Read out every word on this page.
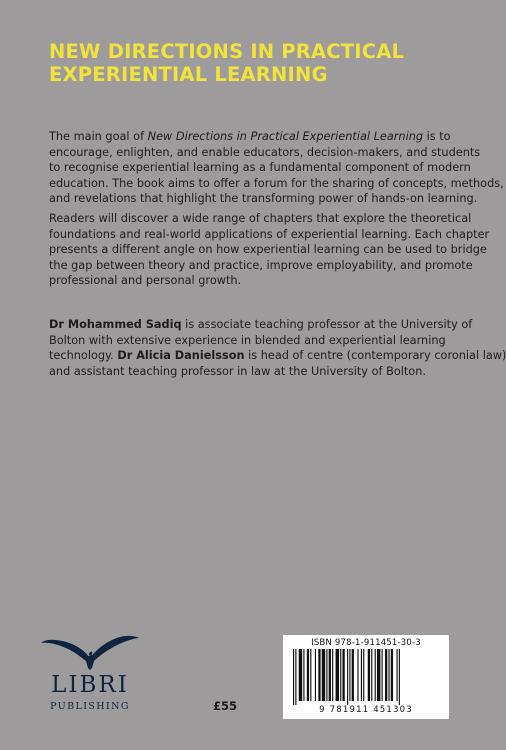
NEW DIRECTIONS IN PRACTICAL
EXPERIENTIAL LEARNING
The main goal of New Directions in Practical Experiential Learning is to
encourage, enlighten, and enable educators, decision-makers, and students
to recognise experiential learning as a fundamental component of modern
education. The book aims to offer a forum for the sharing of concepts, methods,
and revelations that highlight the transforming power of hands-on learning.
Readers will discover a wide range of chapters that explore the theoretical
foundations and real-world applications of experiential learning. Each chapter
presents a different angle on how experiential learning can be used to bridge
the gap between theory and practice, improve employability, and promote
professional and personal growth.
Dr Mohammed Sadiq is associate teaching professor at the University of
Bolton with extensive experience in blended and experiential learning
technology. Dr Alicia Danielsson is head of centre (contemporary coronial law)
and assistant teaching professor in law at the University of Bolton.
LIBRI
PUBLISHING	£55
ISBN 978-1-911451-30-3
9 781911 451303
